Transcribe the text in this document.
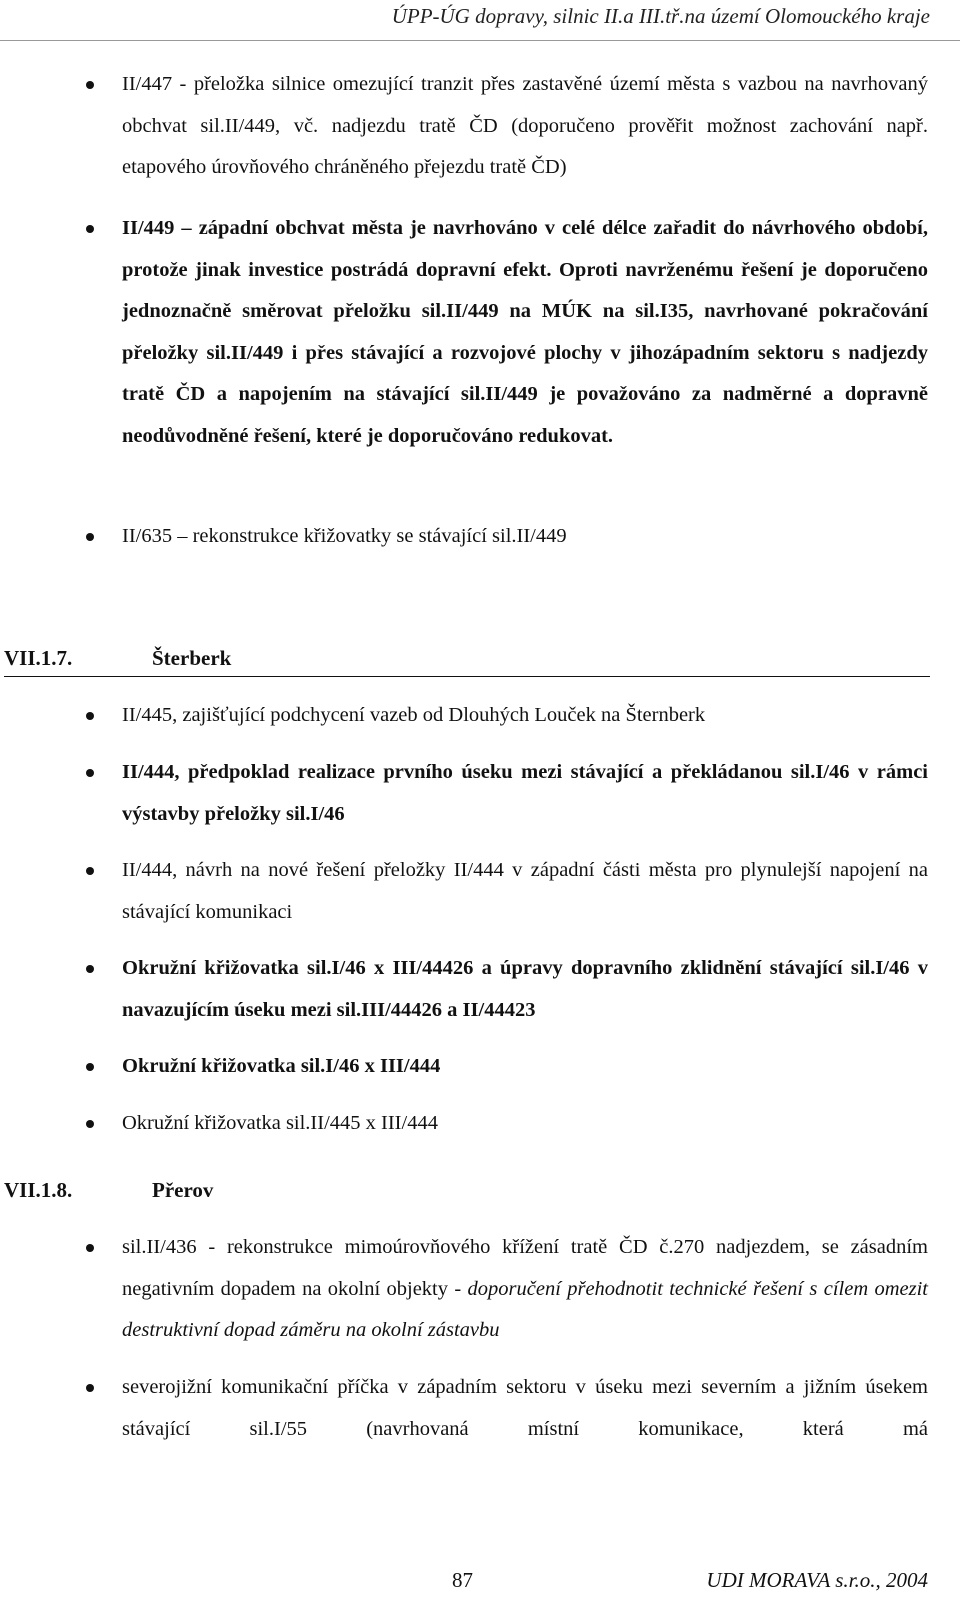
ÚPP-ÚG dopravy, silnic II.a III.tř.na území Olomouckého kraje
II/447 - přeložka silnice omezující tranzit přes zastavěné území města s vazbou na navrhovaný obchvat sil.II/449, vč. nadjezdu tratě ČD (doporučeno prověřit možnost zachování např. etapového úrovňového chráněného přejezdu tratě ČD)
II/449 – západní obchvat města je navrhováno v celé délce zařadit do návrhového období, protože jinak investice postrádá dopravní efekt. Oproti navrženému řešení je doporučeno jednoznačně směrovat přeložku sil.II/449 na MÚK na sil.I35, navrhované pokračování přeložky sil.II/449 i přes stávající a rozvojové plochy v jihozápadním sektoru s nadjezdy tratě ČD a napojením na stávající sil.II/449 je považováno za nadměrné a dopravně neodůvodněné řešení, které je doporučováno redukovat.
II/635 – rekonstrukce křižovatky se stávající sil.II/449
VII.1.7.	Šterberk
II/445, zajišťující podchycení vazeb od Dlouhých Louček na Šternberk
II/444, předpoklad realizace prvního úseku mezi stávající a překládanou sil.I/46 v rámci výstavby přeložky sil.I/46
II/444, návrh na nové řešení přeložky II/444 v západní části města pro plynulejší napojení na stávající komunikaci
Okružní křižovatka sil.I/46 x III/44426 a úpravy dopravního zklidnění stávající sil.I/46 v navazujícím úseku mezi sil.III/44426 a II/44423
Okružní křižovatka sil.I/46 x III/444
Okružní křižovatka sil.II/445 x III/444
VII.1.8.	Přerov
sil.II/436 - rekonstrukce mimoúrovňového křížení tratě ČD č.270 nadjezdem, se zásadním negativním dopadem na okolní objekty - doporučení přehodnotit technické řešení s cílem omezit destruktivní dopad záměru na okolní zástavbu
severojižní komunikační příčka v západním sektoru v úseku mezi severním a jižním úsekem stávající sil.I/55 (navrhovaná místní komunikace, která má
87	UDI MORAVA s.r.o., 2004
